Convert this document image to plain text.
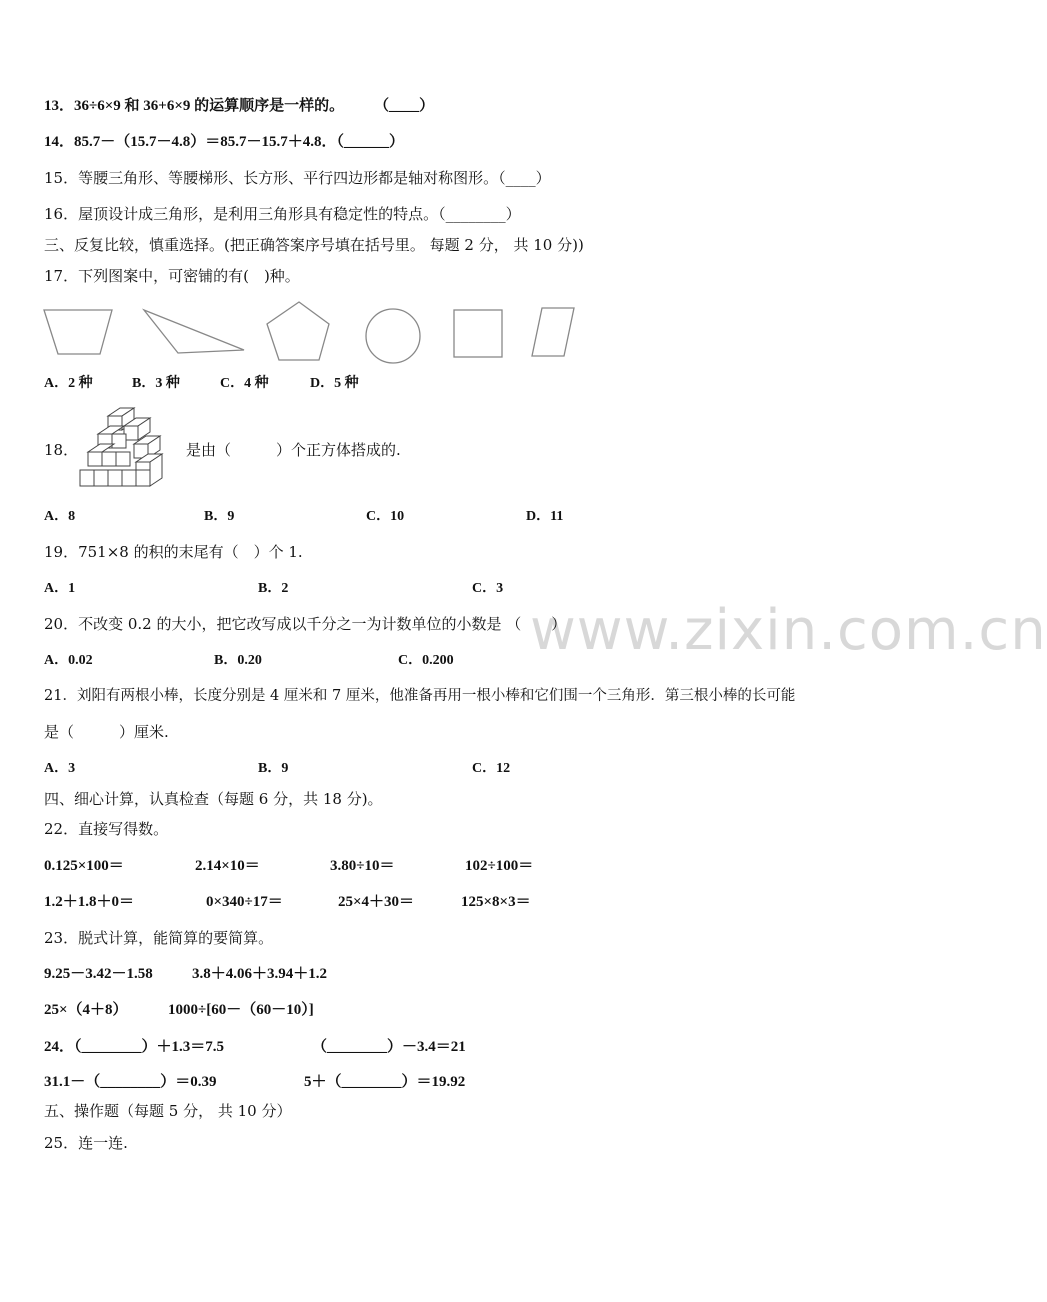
13．36÷6×9 和 36+6×9 的运算顺序是一样的。　　　（____）
14．85.7－（15.7－4.8）＝85.7－15.7＋4.8．（______）
15．等腰三角形、等腰梯形、长方形、平行四边形都是轴对称图形。（____）
16．屋顶设计成三角形，是利用三角形具有稳定性的特点。（________）
三、反复比较，慎重选择。(把正确答案序号填在括号里。 每题 2 分， 共 10 分))
17．下列图案中，可密铺的有(　)种。
A．2 种	B．3 种	C．4 种	D．5 种
18．	是由（　　　）个正方体搭成的.
A．8	B．9	C．10	D．11
19．751×8 的积的末尾有（　）个 1.
A．1	B．2	C．3
www.zixin.com.cn
20．不改变 0.2 的大小，把它改写成以千分之一为计数单位的小数是 （　　）
A．0.02	B．0.20	C．0.200
21．刘阳有两根小棒，长度分别是 4 厘米和 7 厘米，他准备再用一根小棒和它们围一个三角形．第三根小棒的长可能
是（　　　）厘米.
A．3	B．9	C．12
四、细心计算，认真检查（每题 6 分，共 18 分)。
22．直接写得数。
0.125×100＝	2.14×10＝	3.80÷10＝	102÷100＝
1.2＋1.8＋0＝	0×340÷17＝	25×4＋30＝	125×8×3＝
23．脱式计算，能简算的要简算。
9.25－3.42－1.58	3.8＋4.06＋3.94＋1.2
25×（4＋8）	1000÷[60－（60－10）]
24．（________）＋1.3＝7.5	（________）－3.4＝21
31.1－（________）＝0.39	5＋（________）＝19.92
五、操作题（每题 5 分， 共 10 分）
25．连一连.
